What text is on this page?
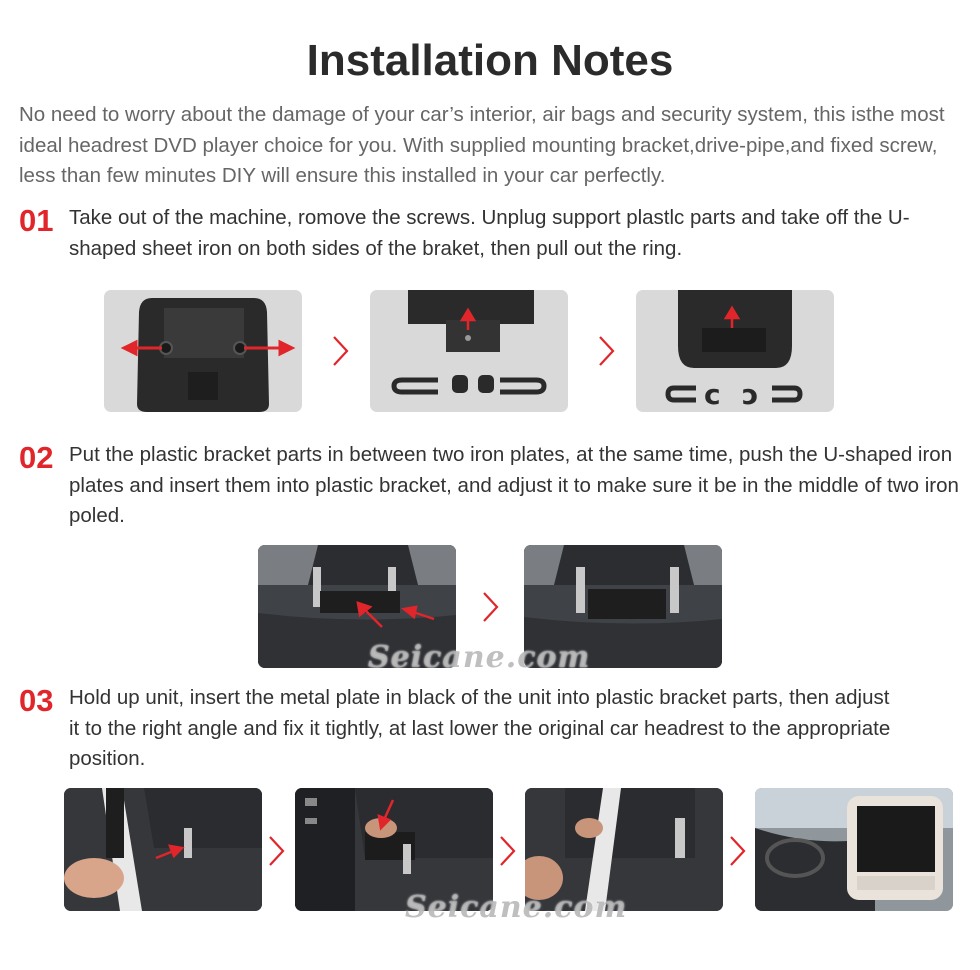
Installation Notes
No need to worry about the damage of your car’s interior, air bags and security system, this isthe most ideal headrest DVD player choice for you. With supplied mounting bracket,drive-pipe,and fixed screw, less than few minutes DIY will ensure this installed in your car perfectly.
01 Take out of the machine, romove the screws. Unplug support plastlc parts and take off the U-shaped sheet iron on both sides of the braket, then pull out the ring.
c ɔ
02 Put the plastic bracket parts in between two iron plates, at the same time, push the U-shaped iron plates and insert them into plastic bracket, and adjust it to make sure it be in the middle of two iron poled.
Seicane.com
03 Hold up unit, insert the metal plate in black of the unit into plastic bracket parts, then adjust it to the right angle and fix it tightly, at last lower the original car headrest to the appropriate position.
Seicane.com
